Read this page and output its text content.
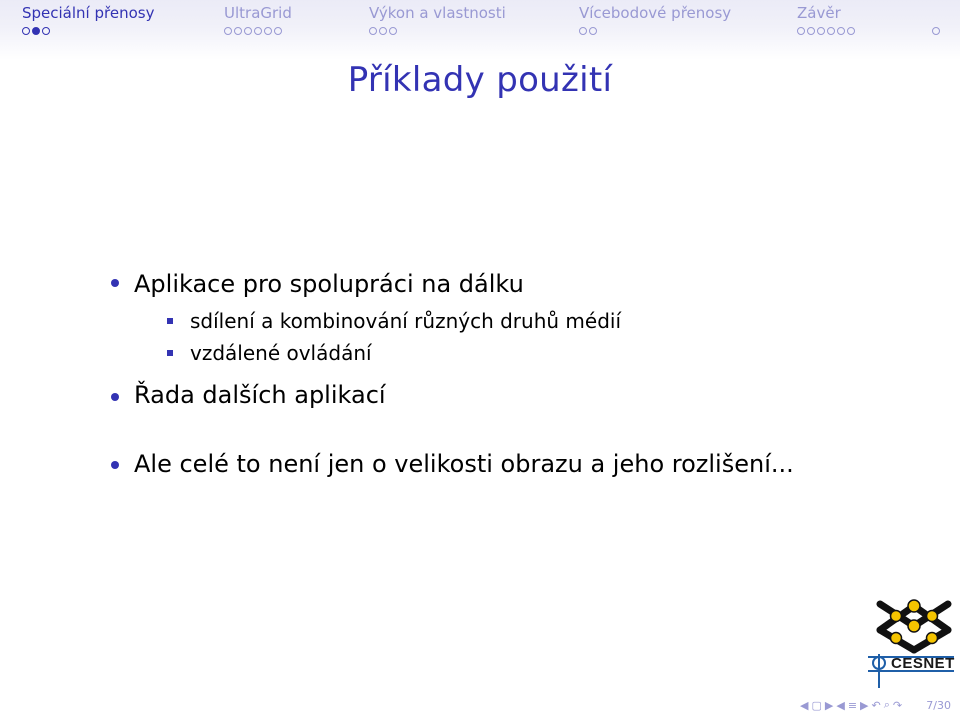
Speciální přenosy	UltraGrid	Výkon a vlastnosti	Vícebodové přenosy	Závěr
Příklady použití
Aplikace pro spolupráci na dálku
sdílení a kombinování různých druhů médií
vzdálené ovládání
Řada dalších aplikací
Ale celé to není jen o velikosti obrazu a jeho rozlišení...
CESNET
◀ ▢ ▶ ◀ ≡ ▶ ↶ ⌕ ↷ 7/30
